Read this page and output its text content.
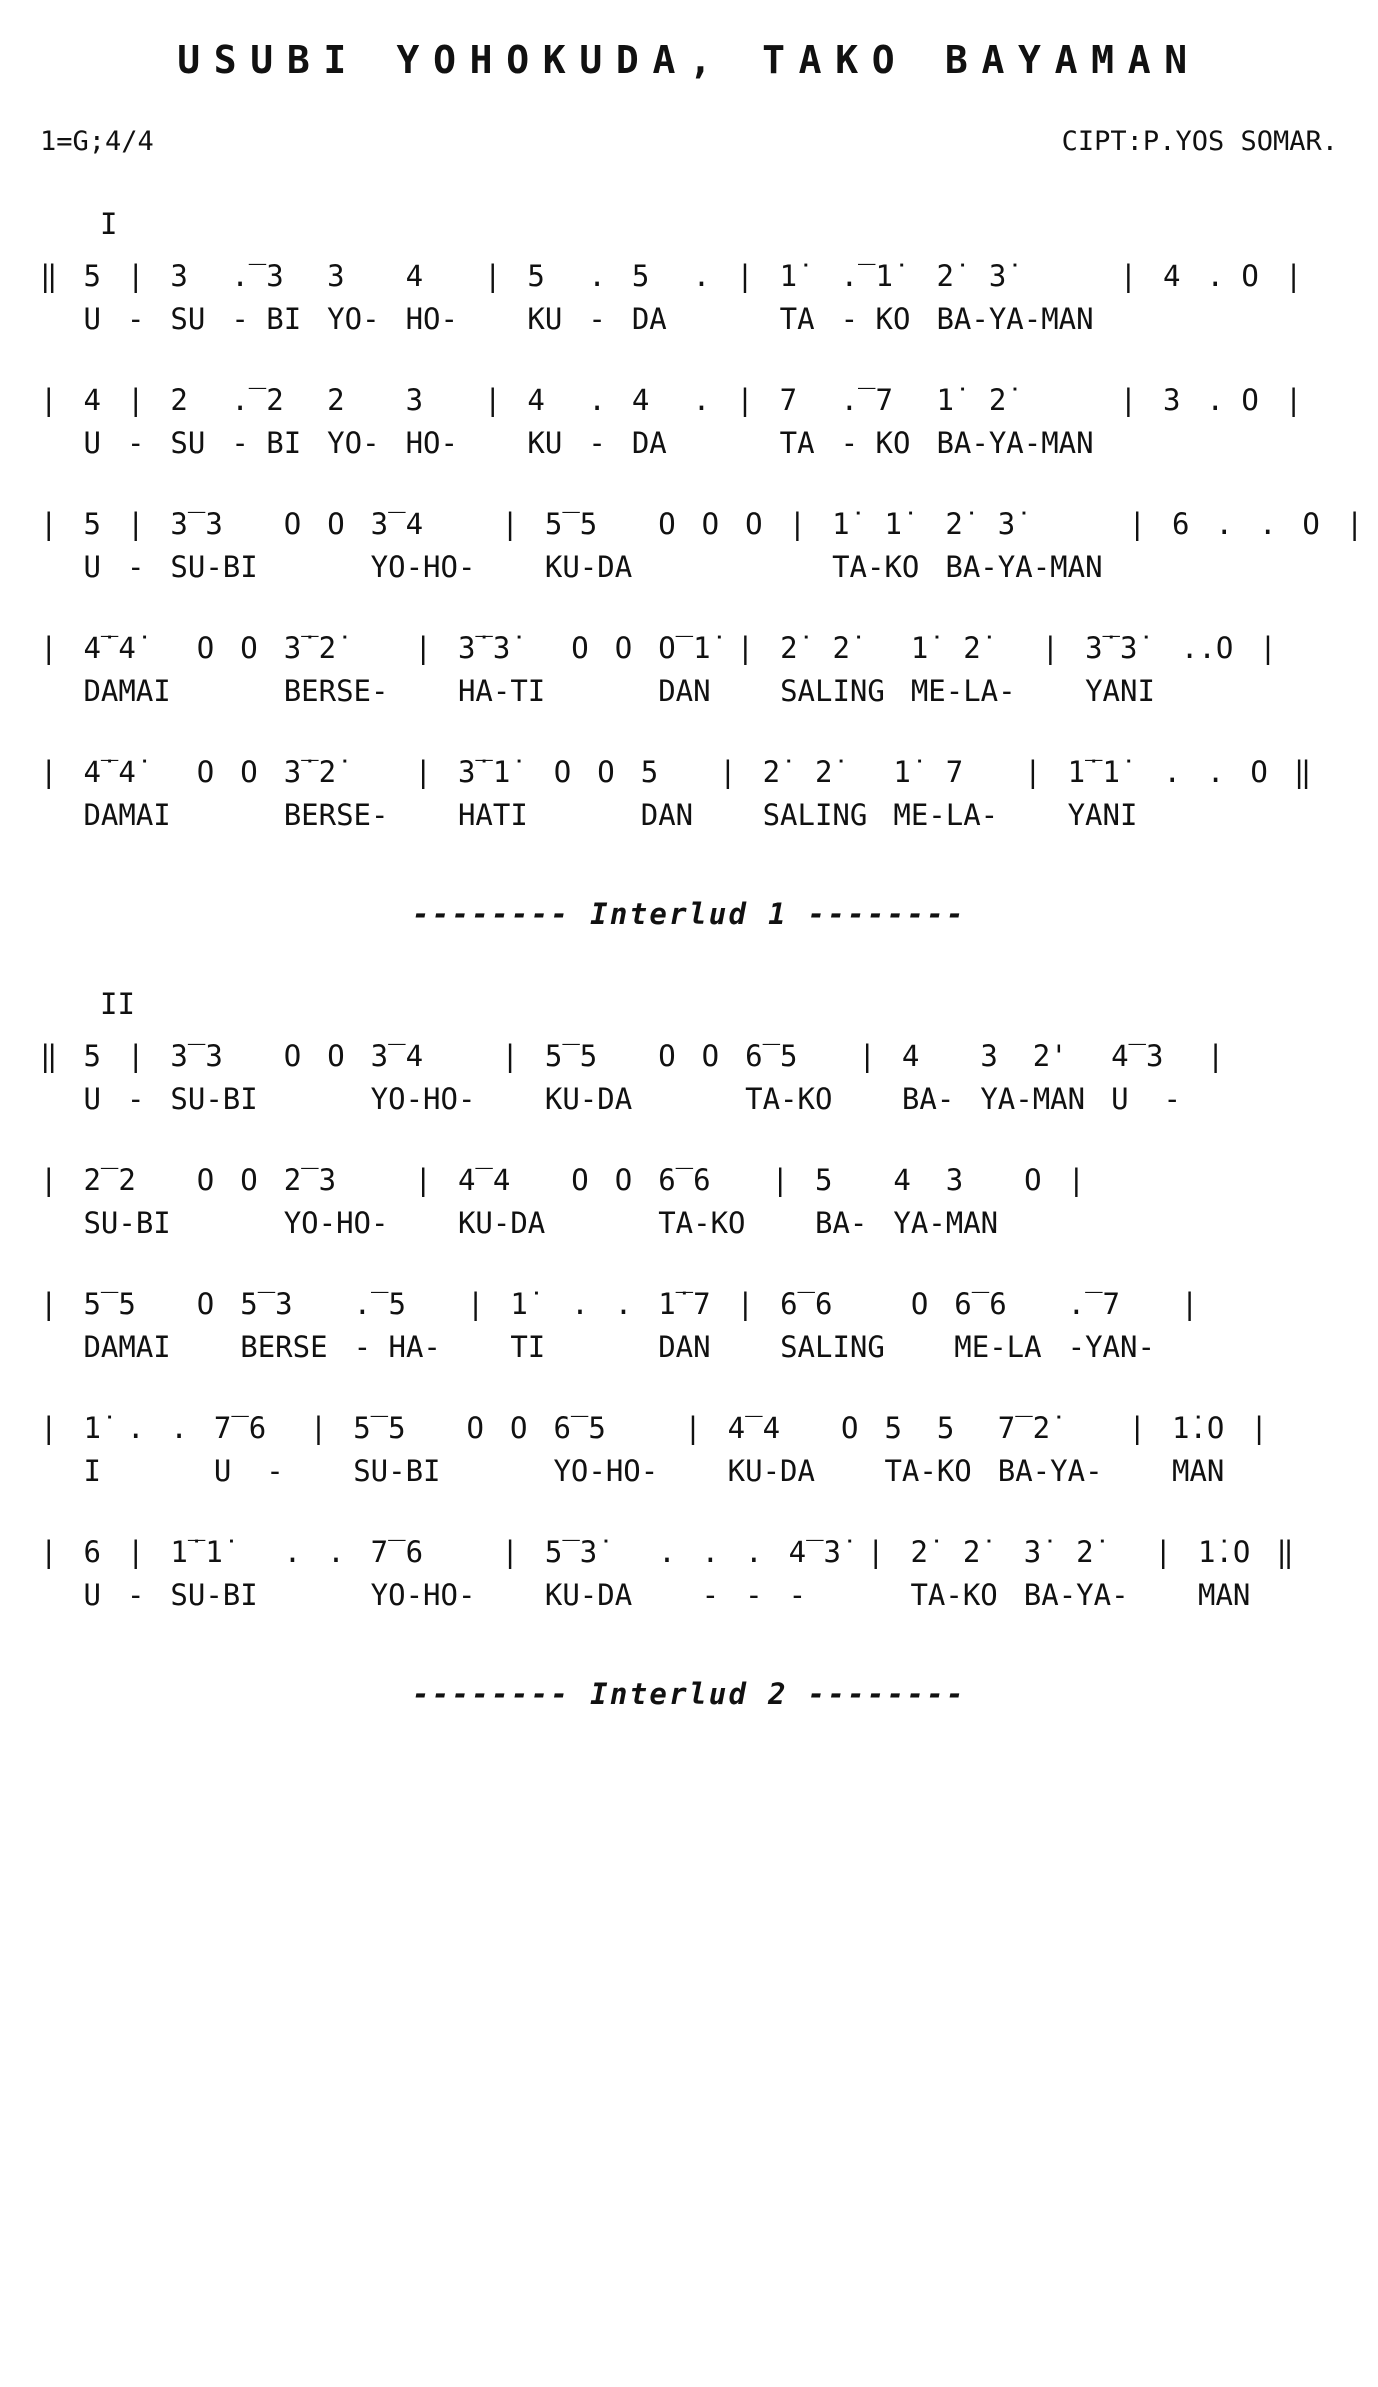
USUBI YOHOKUDA, TAKO BAYAMAN
1=G;4/4	CIPT:P.YOS SOMAR.
I
‖ 5
U
|
-
3
SU
.‾3
- BI
3
YO-
4
HO-
| 5
KU
.
-
5
DA
. | 1̇
TA
.‾1̇
- KO
2̇  3̇
BA-YA-MAN
| 4 . O |
| 4
U
|
-
2
SU
.‾2
- BI
2
YO-
3
HO-
| 4
KU
.
-
4
DA
. | 7
TA
.‾7
- KO
1̇  2̇
BA-YA-MAN
| 3 . O |
| 5
U
|
-
3‾3
SU-BI
O O 3‾4
YO-HO-
| 5‾5
KU-DA
O O O | 1̇  1̇
TA-KO
2̇  3̇
BA-YA-MAN
| 6 . . O |
| 4̇‾4̇
DAMAI
O O 3̇‾2̇
BERSE-
| 3̇‾3̇
HA-TI
O O O‾1̇
DAN
| 2̇  2̇
SALING
1̇  2̇
ME-LA-
| 3̇‾3̇
YANI
..O |
| 4̇‾4̇
DAMAI
O O 3̇‾2̇
BERSE-
| 3̇‾1̇
HATI
O O 5
DAN
| 2̇  2̇
SALING
1̇  7
ME-LA-
| 1̇‾1̇
YANI
. . O ‖
-------- Interlud 1 --------
II
‖ 5
U
|
-
3‾3
SU-BI
O O 3‾4
YO-HO-
| 5‾5
KU-DA
O O 6‾5
TA-KO
| 4
BA-
3  2'
YA-MAN
4‾3
U  -
|
| 2‾2
SU-BI
O O 2‾3
YO-HO-
| 4‾4
KU-DA
O O 6‾6
TA-KO
| 5
BA-
4  3
YA-MAN
O |
| 5‾5
DAMAI
O 5‾3
BERSE
.‾5
- HA-
| 1̇
TI
. . 1̇‾7
DAN
| 6‾6
SALING
O 6‾6
ME-LA
.‾7
-YAN-
|
| 1̇
I
. . 7‾6
U  -
| 5‾5
SU-BI
O O 6‾5
YO-HO-
| 4‾4
KU-DA
O 5  5
TA-KO
7‾2̇
BA-YA-
| 1̇.O
MAN
|
| 6
U
|
-
1̇‾1̇
SU-BI
. . 7‾6
YO-HO-
| 5‾3̇
KU-DA
. .
-
.
-
4‾3̇
-
| 2̇  2̇
TA-KO
3̇  2̇
BA-YA-
| 1̇.O
MAN
‖
-------- Interlud 2 --------
